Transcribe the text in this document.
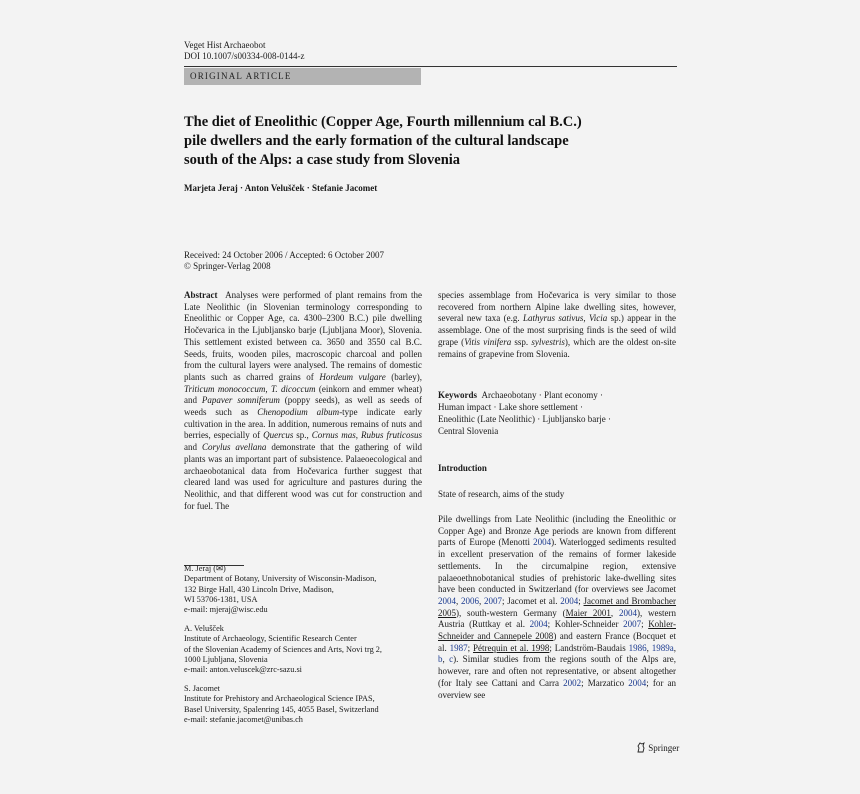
Veget Hist Archaeobot
DOI 10.1007/s00334-008-0144-z
ORIGINAL ARTICLE
The diet of Eneolithic (Copper Age, Fourth millennium cal B.C.)
pile dwellers and the early formation of the cultural landscape
south of the Alps: a case study from Slovenia
Marjeta Jeraj · Anton Velušček · Stefanie Jacomet
Received: 24 October 2006 / Accepted: 6 October 2007
© Springer-Verlag 2008

Abstract Analyses were performed of plant remains from the Late Neolithic (in Slovenian terminology corresponding to Eneolithic or Copper Age, ca. 4300–2300 B.C.) pile dwelling Hočevarica in the Ljubljansko barje (Ljubljana Moor), Slovenia. This settlement existed between ca. 3650 and 3550 cal B.C. Seeds, fruits, wooden piles, macroscopic charcoal and pollen from the cultural layers were analysed. The remains of domestic plants such as charred grains of Hordeum vulgare (barley), Triticum monococcum, T. dicoccum (einkorn and emmer wheat) and Papaver somniferum (poppy seeds), as well as seeds of weeds such as Chenopodium album-type indicate early cultivation in the area. In addition, numerous remains of nuts and berries, especially of Quercus sp., Cornus mas, Rubus fruticosus and Corylus avellana demonstrate that the gathering of wild plants was an important part of subsistence. Palaeoecological and archaeobotanical data from Hočevarica further suggest that cleared land was used for agriculture and pastures during the Neolithic, and that different wood was cut for construction and for fuel. The

M. Jeraj (✉)

Department of Botany, University of Wisconsin-Madison,

132 Birge Hall, 430 Lincoln Drive, Madison,

WI 53706-1381, USA

e-mail: mjeraj@wisc.edu

A. Velušček

Institute of Archaeology, Scientific Research Center

of the Slovenian Academy of Sciences and Arts, Novi trg 2,

1000 Ljubljana, Slovenia

e-mail: anton.veluscek@zrc-sazu.si

S. Jacomet

Institute for Prehistory and Archaeological Science IPAS,

Basel University, Spalenring 145, 4055 Basel, Switzerland

e-mail: stefanie.jacomet@unibas.ch

species assemblage from Hočevarica is very similar to those recovered from northern Alpine lake dwelling sites, however, several new taxa (e.g. Lathyrus sativus, Vicia sp.) appear in the assemblage. One of the most surprising finds is the seed of wild grape (Vitis vinifera ssp. sylvestris), which are the oldest on-site remains of grapevine from Slovenia.

Keywords Archaeobotany · Plant economy ·

Human impact · Lake shore settlement ·

Eneolithic (Late Neolithic) · Ljubljansko barje ·

Central Slovenia

Introduction
State of research, aims of the study

Pile dwellings from Late Neolithic (including the Eneolithic or Copper Age) and Bronze Age periods are known from different parts of Europe (Menotti 2004). Waterlogged sediments resulted in excellent preservation of the remains of former lakeside settlements. In the circumalpine region, extensive palaeoethnobotanical studies of prehistoric lake-dwelling sites have been conducted in Switzerland (for overviews see Jacomet 2004, 2006, 2007; Jacomet et al. 2004; Jacomet and Brombacher 2005), south-western Germany (Maier 2001, 2004), western Austria (Ruttkay et al. 2004; Kohler-Schneider 2007; Kohler-Schneider and Cannepele 2008) and eastern France (Bocquet et al. 1987; Pétrequin et al. 1998; Landström-Baudais 1986, 1989a, b, c). Similar studies from the regions south of the Alps are, however, rare and often not representative, or absent altogether (for Italy see Cattani and Carra 2002; Marzatico 2004; for an overview see

Springer
